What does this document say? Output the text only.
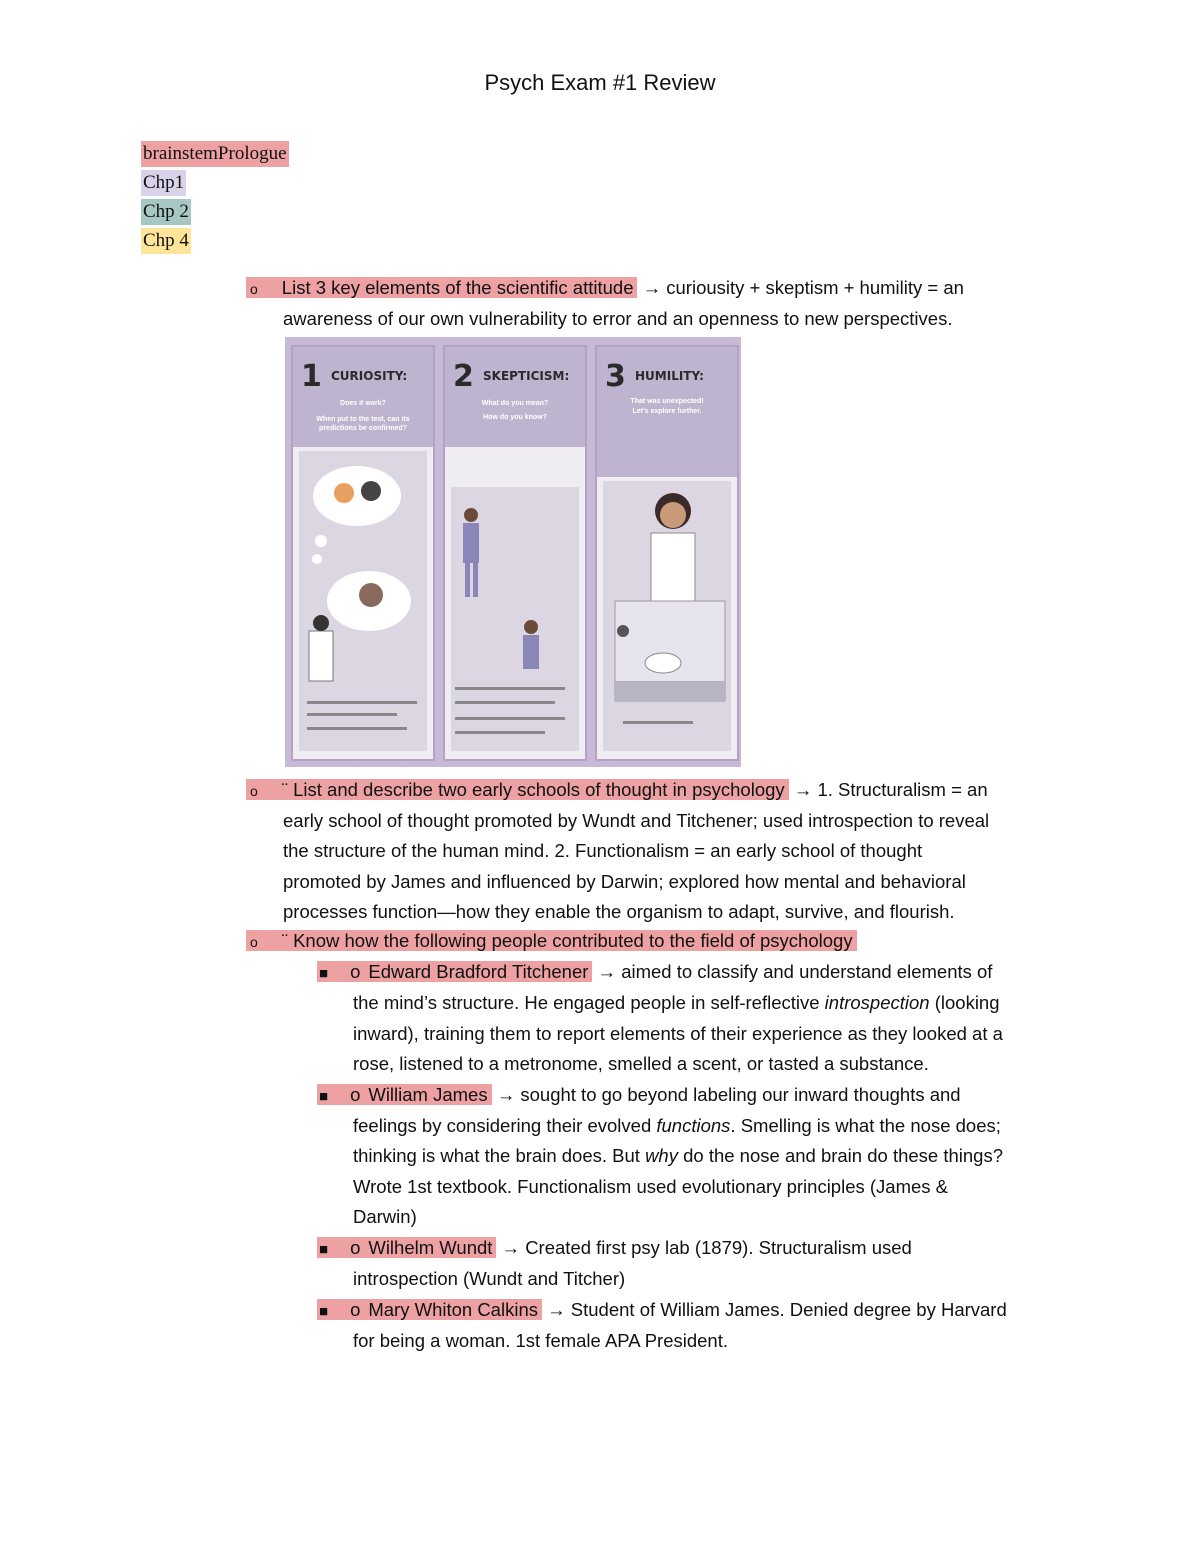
Psych Exam #1 Review
brainstemPrologue
Chp1
Chp 2
Chp 4
o List 3 key elements of the scientific attitude → curiousity + skeptism + humility = an
awareness of our own vulnerability to error and an openness to new perspectives.
1 CURIOSITY:
Does it work?
When put to the test, can its predictions be confirmed?
2 SKEPTICISM:
What do you mean?
How do you know?
3 HUMILITY:
That was unexpected!
Let’s explore further.
o ¨ List and describe two early schools of thought in psychology → 1. Structuralism = an
early school of thought promoted by Wundt and Titchener; used introspection to reveal
the structure of the human mind. 2. Functionalism = an early school of thought
promoted by James and influenced by Darwin; explored how mental and behavioral
processes function—how they enable the organism to adapt, survive, and flourish.
o ¨ Know how the following people contributed to the field of psychology
■ o Edward Bradford Titchener → aimed to classify and understand elements of
the mind’s structure. He engaged people in self-reflective introspection (looking
inward), training them to report elements of their experience as they looked at a
rose, listened to a metronome, smelled a scent, or tasted a substance.
■ o William James → sought to go beyond labeling our inward thoughts and
feelings by considering their evolved functions. Smelling is what the nose does;
thinking is what the brain does. But why do the nose and brain do these things?
Wrote 1st textbook. Functionalism used evolutionary principles (James &
Darwin)
■ o Wilhelm Wundt → Created first psy lab (1879). Structuralism used
introspection (Wundt and Titcher)
■ o Mary Whiton Calkins → Student of William James. Denied degree by Harvard
for being a woman. 1st female APA President.
